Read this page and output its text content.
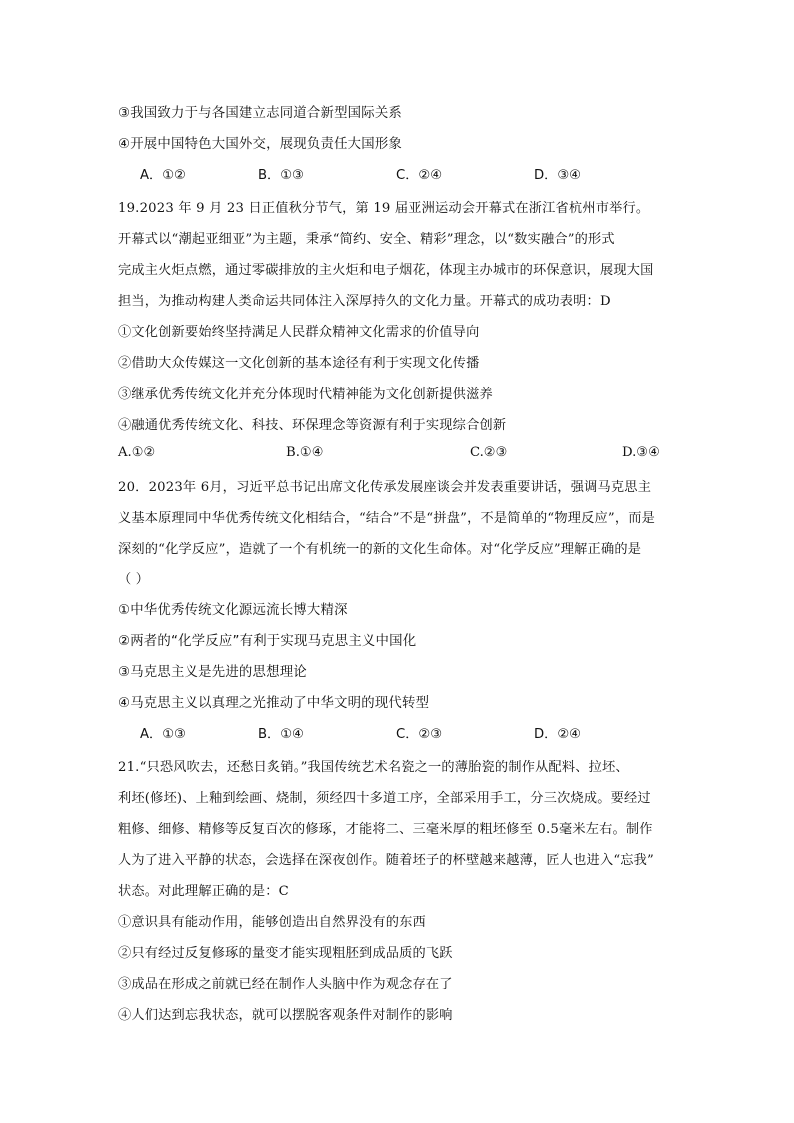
③我国致力于与各国建立志同道合新型国际关系
④开展中国特色大国外交，展现负责任大国形象
A．①②	B．①③	C．②④	D．③④
19.2023 年 9 月 23 日正值秋分节气，第 19 届亚洲运动会开幕式在浙江省杭州市举行。
开幕式以“潮起亚细亚”为主题，秉承“简约、安全、精彩”理念，以“数实融合”的形式
完成主火炬点燃，通过零碳排放的主火炬和电子烟花，体现主办城市的环保意识，展现大国
担当，为推动构建人类命运共同体注入深厚持久的文化力量。开幕式的成功表明：D
①文化创新要始终坚持满足人民群众精神文化需求的价值导向
②借助大众传媒这一文化创新的基本途径有利于实现文化传播
③继承优秀传统文化并充分体现时代精神能为文化创新提供滋养
④融通优秀传统文化、科技、环保理念等资源有利于实现综合创新
A.①②	B.①④	C.②③	D.③④
20．2023年 6月，习近平总书记出席文化传承发展座谈会并发表重要讲话，强调马克思主
义基本原理同中华优秀传统文化相结合，“结合”不是“拼盘”，不是简单的“物理反应”，而是
深刻的“化学反应”，造就了一个有机统一的新的文化生命体。对“化学反应”理解正确的是
（ ）
①中华优秀传统文化源远流长博大精深
②两者的“化学反应”有利于实现马克思主义中国化
③马克思主义是先进的思想理论
④马克思主义以真理之光推动了中华文明的现代转型
A．①③	B．①④	C．②③	D．②④
21.“只恐风吹去，还愁日炙销。”我国传统艺术名瓷之一的薄胎瓷的制作从配料、拉坯、
利坯(修坯)、上釉到绘画、烧制，须经四十多道工序，全部采用手工，分三次烧成。要经过
粗修、细修、精修等反复百次的修琢，才能将二、三毫米厚的粗坯修至 0.5毫米左右。制作
人为了进入平静的状态，会选择在深夜创作。随着坯子的杯壁越来越薄，匠人也进入“忘我”
状态。对此理解正确的是：C
①意识具有能动作用，能够创造出自然界没有的东西
②只有经过反复修琢的量变才能实现粗胚到成品质的飞跃
③成品在形成之前就已经在制作人头脑中作为观念存在了
④人们达到忘我状态，就可以摆脱客观条件对制作的影响
